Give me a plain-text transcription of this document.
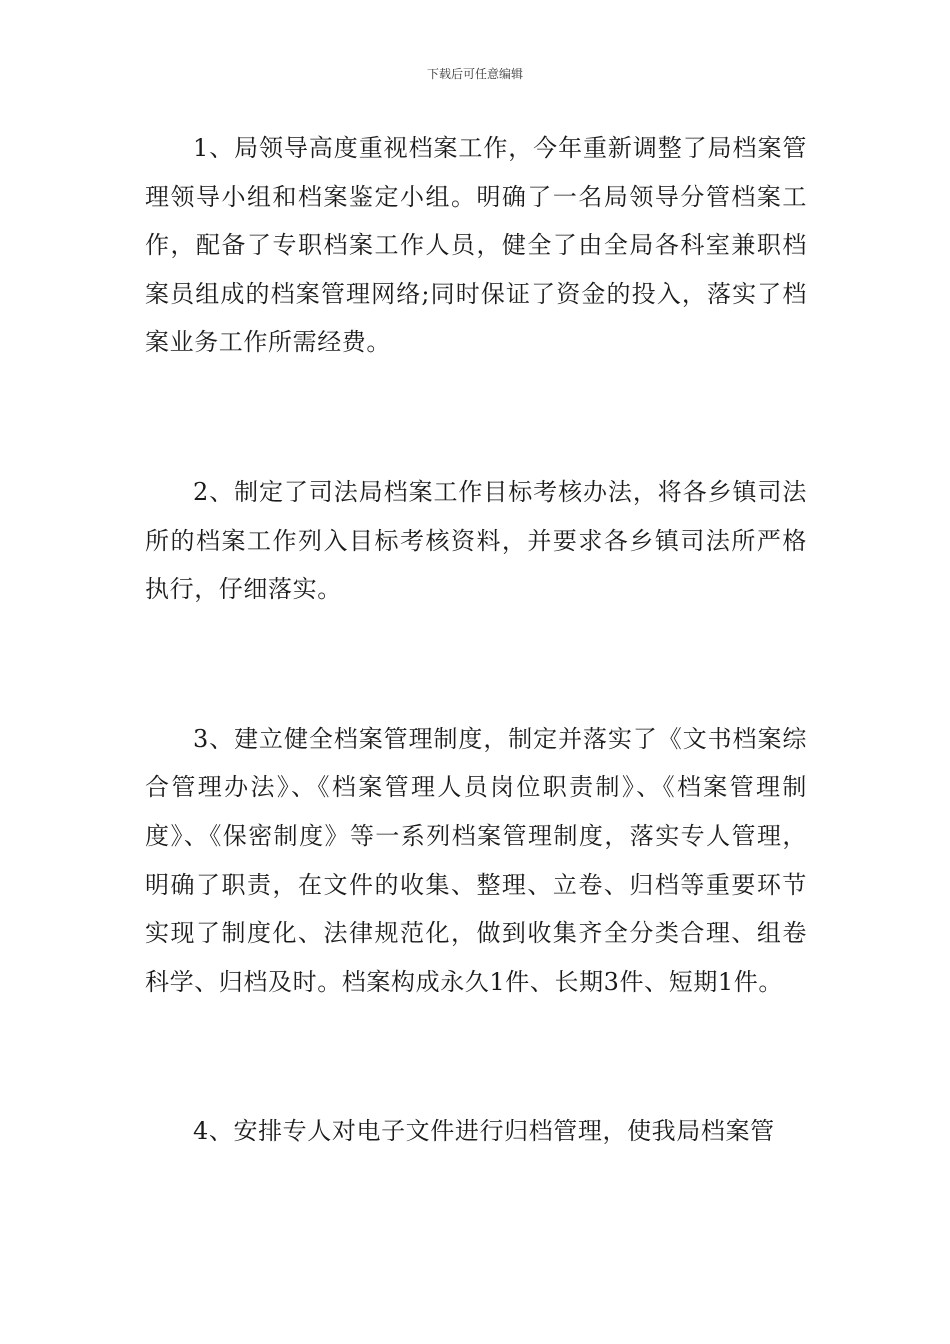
下载后可任意编辑

1、局领导高度重视档案工作，今年重新调整了局档案管理领导小组和档案鉴定小组。明确了一名局领导分管档案工作，配备了专职档案工作人员，健全了由全局各科室兼职档案员组成的档案管理网络;同时保证了资金的投入，落实了档案业务工作所需经费。

2、制定了司法局档案工作目标考核办法，将各乡镇司法所的档案工作列入目标考核资料，并要求各乡镇司法所严格执行，仔细落实。

3、建立健全档案管理制度，制定并落实了《文书档案综合管理办法》、《档案管理人员岗位职责制》、《档案管理制度》、《保密制度》等一系列档案管理制度，落实专人管理，明确了职责，在文件的收集、整理、立卷、归档等重要环节实现了制度化、法律规范化，做到收集齐全分类合理、组卷科学、归档及时。档案构成永久1件、长期3件、短期1件。

4、安排专人对电子文件进行归档管理，使我局档案管
